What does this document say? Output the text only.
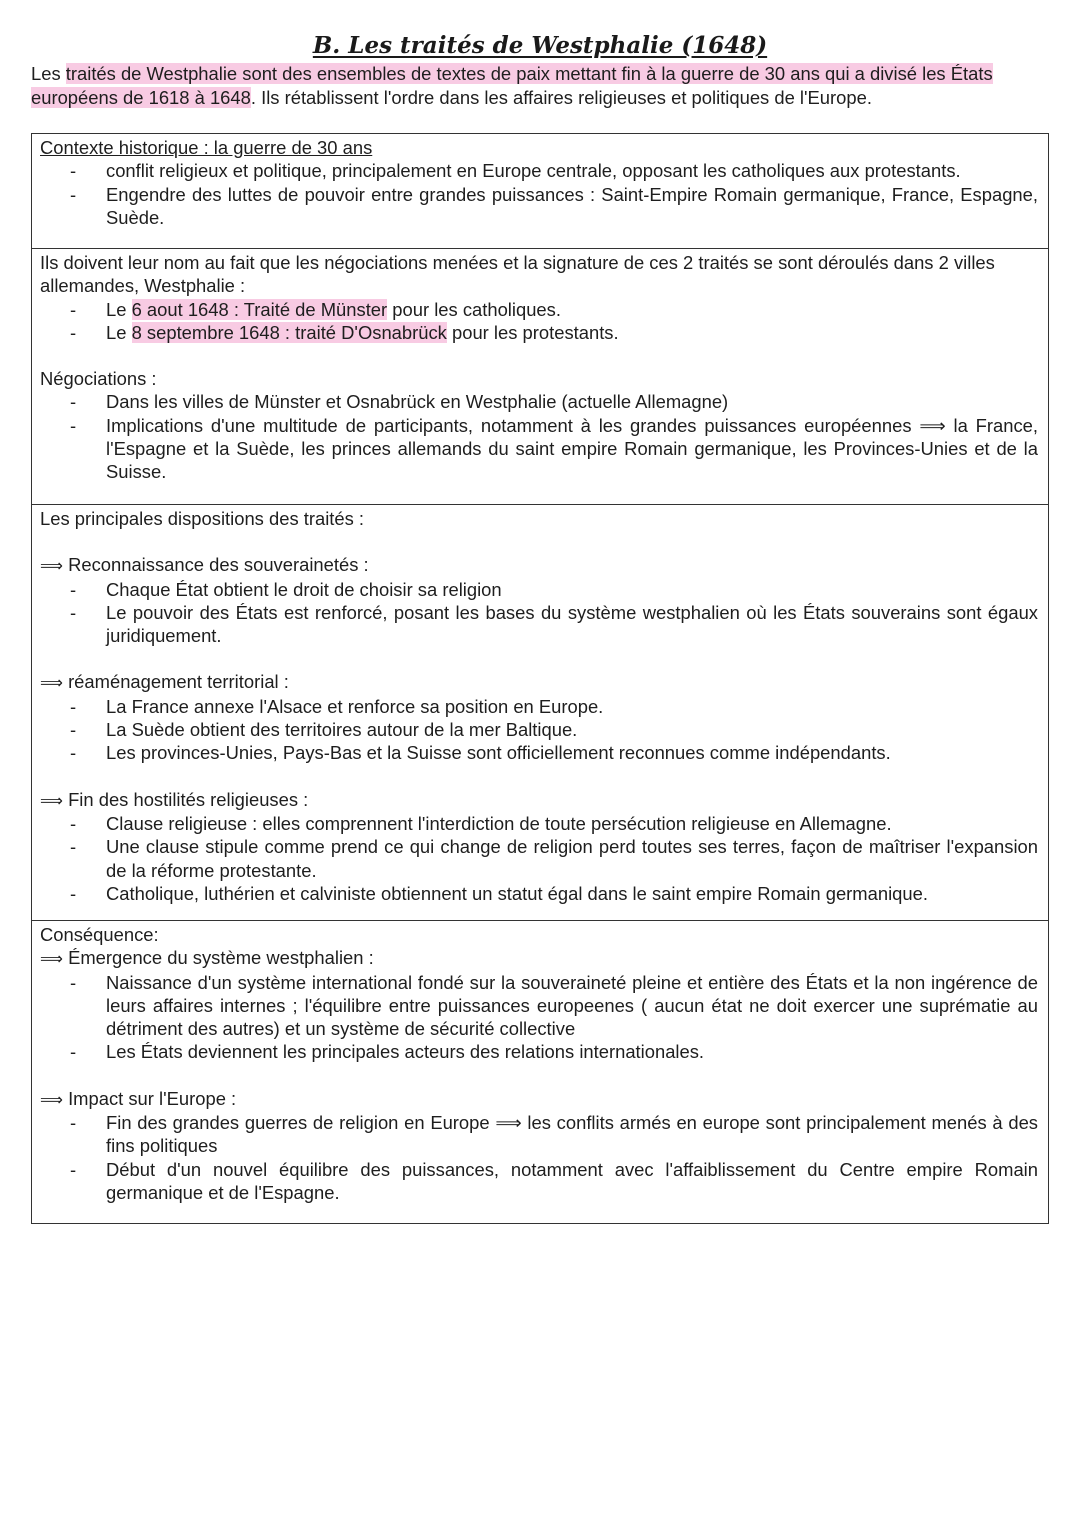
B. Les traités de Westphalie (1648)

Les traités de Westphalie sont des ensembles de textes de paix mettant fin à la guerre de 30 ans qui a divisé les États européens de 1618 à 1648. Ils rétablissent l'ordre dans les affaires religieuses et politiques de l'Europe.

Contexte historique : la guerre de 30 ans

- conflit religieux et politique, principalement en Europe centrale, opposant les catholiques aux protestants.
- Engendre des luttes de pouvoir entre grandes puissances : Saint-Empire Romain germanique, France, Espagne, Suède.

Ils doivent leur nom au fait que les négociations menées et la signature de ces 2 traités se sont déroulés dans 2 villes allemandes, Westphalie :

- Le 6 aout 1648 : Traité de Münster pour les catholiques.
- Le 8 septembre 1648 : traité D'Osnabrück pour les protestants.

Négociations :

- Dans les villes de Münster et Osnabrück en Westphalie (actuelle Allemagne)
- Implications d'une multitude de participants, notamment à les grandes puissances européennes ⟹ la France, l'Espagne et la Suède, les princes allemands du saint empire Romain germanique, les Provinces-Unies et de la Suisse.

Les principales dispositions des traités :

⟹ Reconnaissance des souverainetés :

- Chaque État obtient le droit de choisir sa religion
- Le pouvoir des États est renforcé, posant les bases du système westphalien où les États souverains sont égaux juridiquement.

⟹ réaménagement territorial :

- La France annexe l'Alsace et renforce sa position en Europe.
- La Suède obtient des territoires autour de la mer Baltique.
- Les provinces-Unies, Pays-Bas et la Suisse sont officiellement reconnues comme indépendants.

⟹ Fin des hostilités religieuses :

- Clause religieuse : elles comprennent l'interdiction de toute persécution religieuse en Allemagne.
- Une clause stipule comme prend ce qui change de religion perd toutes ses terres, façon de maîtriser l'expansion de la réforme protestante.
- Catholique, luthérien et calviniste obtiennent un statut égal dans le saint empire Romain germanique.

Conséquence:

⟹ Émergence du système westphalien :

- Naissance d'un système international fondé sur la souveraineté pleine et entière des États et la non ingérence de leurs affaires internes ; l'équilibre entre puissances europeenes ( aucun état ne doit exercer une suprématie au détriment des autres) et un système de sécurité collective
- Les États deviennent les principales acteurs des relations internationales.

⟹ Impact sur l'Europe :

- Fin des grandes guerres de religion en Europe ⟹ les conflits armés en europe sont principalement menés à des fins politiques
- Début d'un nouvel équilibre des puissances, notamment avec l'affaiblissement du Centre empire Romain germanique et de l'Espagne.
